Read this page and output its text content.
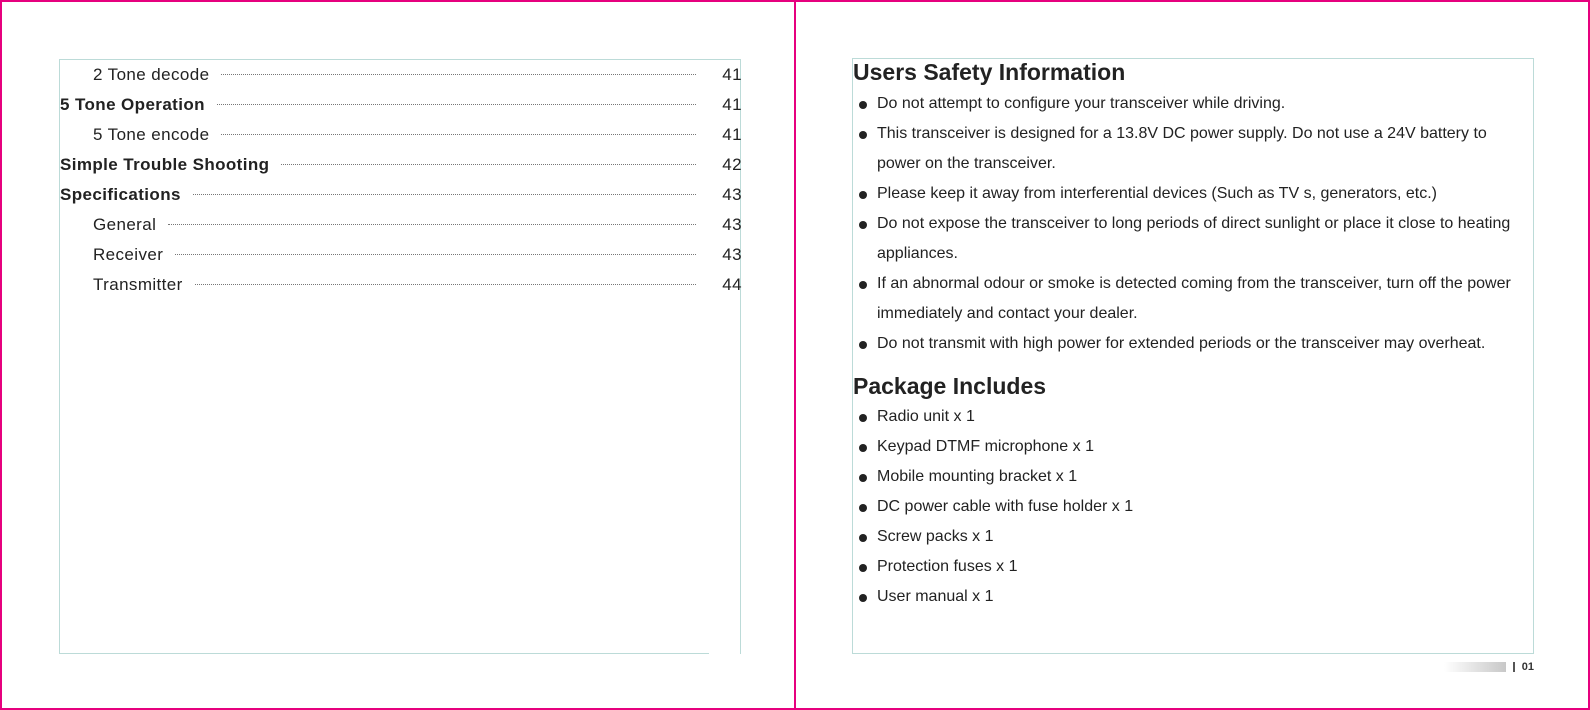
2 Tone decode	41
5 Tone Operation	41
5 Tone encode	41
Simple Trouble Shooting	42
Specifications	43
General	43
Receiver	43
Transmitter	44
Users Safety Information
Do not attempt to configure your transceiver while driving.
This transceiver is designed for a 13.8V DC power supply. Do not use a 24V battery to power on the transceiver.
Please keep it away from interferential devices (Such as TV s, generators, etc.)
Do not expose the transceiver to long periods of direct sunlight or place it close to heating appliances.
If an abnormal odour or smoke is detected coming from the transceiver, turn off the power immediately and contact your dealer.
Do not transmit with high power for extended periods or the transceiver may overheat.
Package Includes
Radio unit x 1
Keypad DTMF microphone x 1
Mobile mounting bracket x 1
DC power cable with fuse holder x 1
Screw packs x 1
Protection fuses x 1
User manual x 1
01
